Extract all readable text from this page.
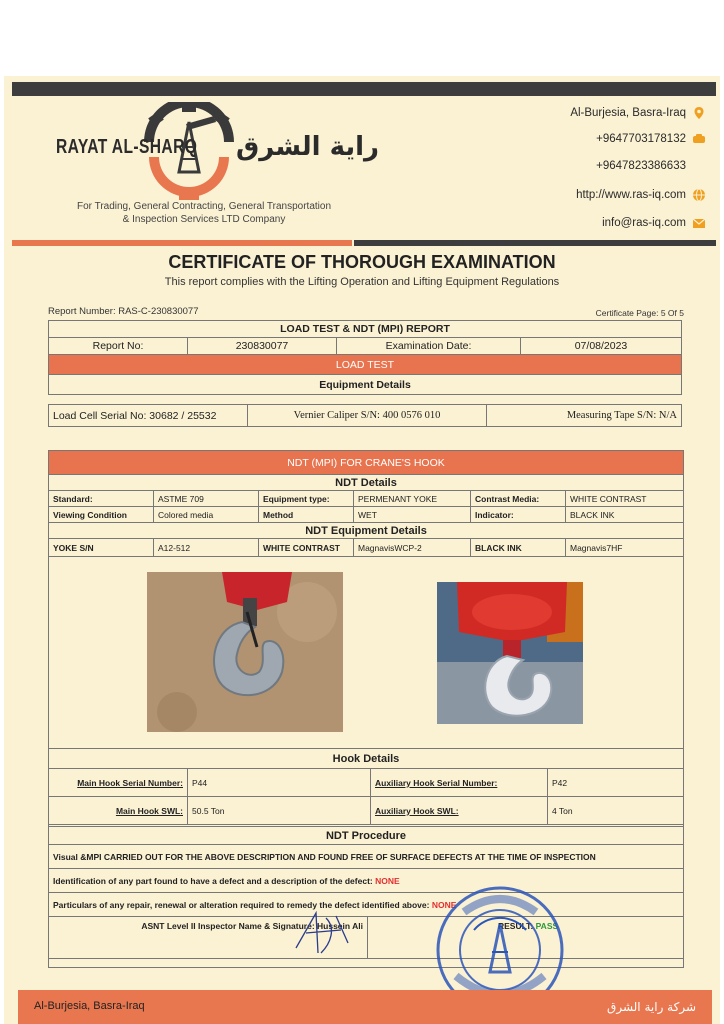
RAYAT AL-SHARQ راية الشرق
For Trading, General Contracting, General Transportation
& Inspection Services LTD Company
Al-Burjesia, Basra-Iraq
+9647703178132
+9647823386633
http://www.ras-iq.com
info@ras-iq.com
CERTIFICATE OF THOROUGH EXAMINATION
This report complies with the Lifting Operation and Lifting Equipment Regulations
Report Number: RAS-C-230830077	Certificate Page: 5 Of 5
LOAD TEST & NDT (MPI) REPORT
Report No:	230830077	Examination Date:	07/08/2023
LOAD TEST
Equipment Details
Load Cell Serial No: 30682 / 25532	Vernier Caliper S/N: 400 0576 010	Measuring Tape S/N: N/A
NDT (MPI) FOR CRANE'S HOOK					
NDT Details					
Standard:	ASTME 709	Equipment type:	PERMENANT YOKE	Contrast Media:	WHITE CONTRAST
Viewing Condition	Colored media	Method	WET	Indicator:	BLACK INK
NDT Equipment Details					
YOKE S/N	A12-512	WHITE CONTRAST	MagnavisWCP-2	BLACK INK	Magnavis7HF
Hook Details			
Main Hook Serial Number:	P44	Auxiliary Hook Serial Number:	P42
Main Hook SWL:	50.5 Ton	Auxiliary Hook SWL:	4 Ton
NDT Procedure
Visual &MPI CARRIED OUT FOR THE ABOVE DESCRIPTION AND FOUND FREE OF SURFACE DEFECTS AT THE TIME OF INSPECTION
Identification of any part found to have a defect and a description of the defect: NONE
Particulars of any repair, renewal or alteration required to remedy the defect identified above: NONE
ASNT Level II Inspector Name & Signature: Hussein Ali	RESULT: PASS
Al-Burjesia, Basra-Iraq	شركة راية الشرق
